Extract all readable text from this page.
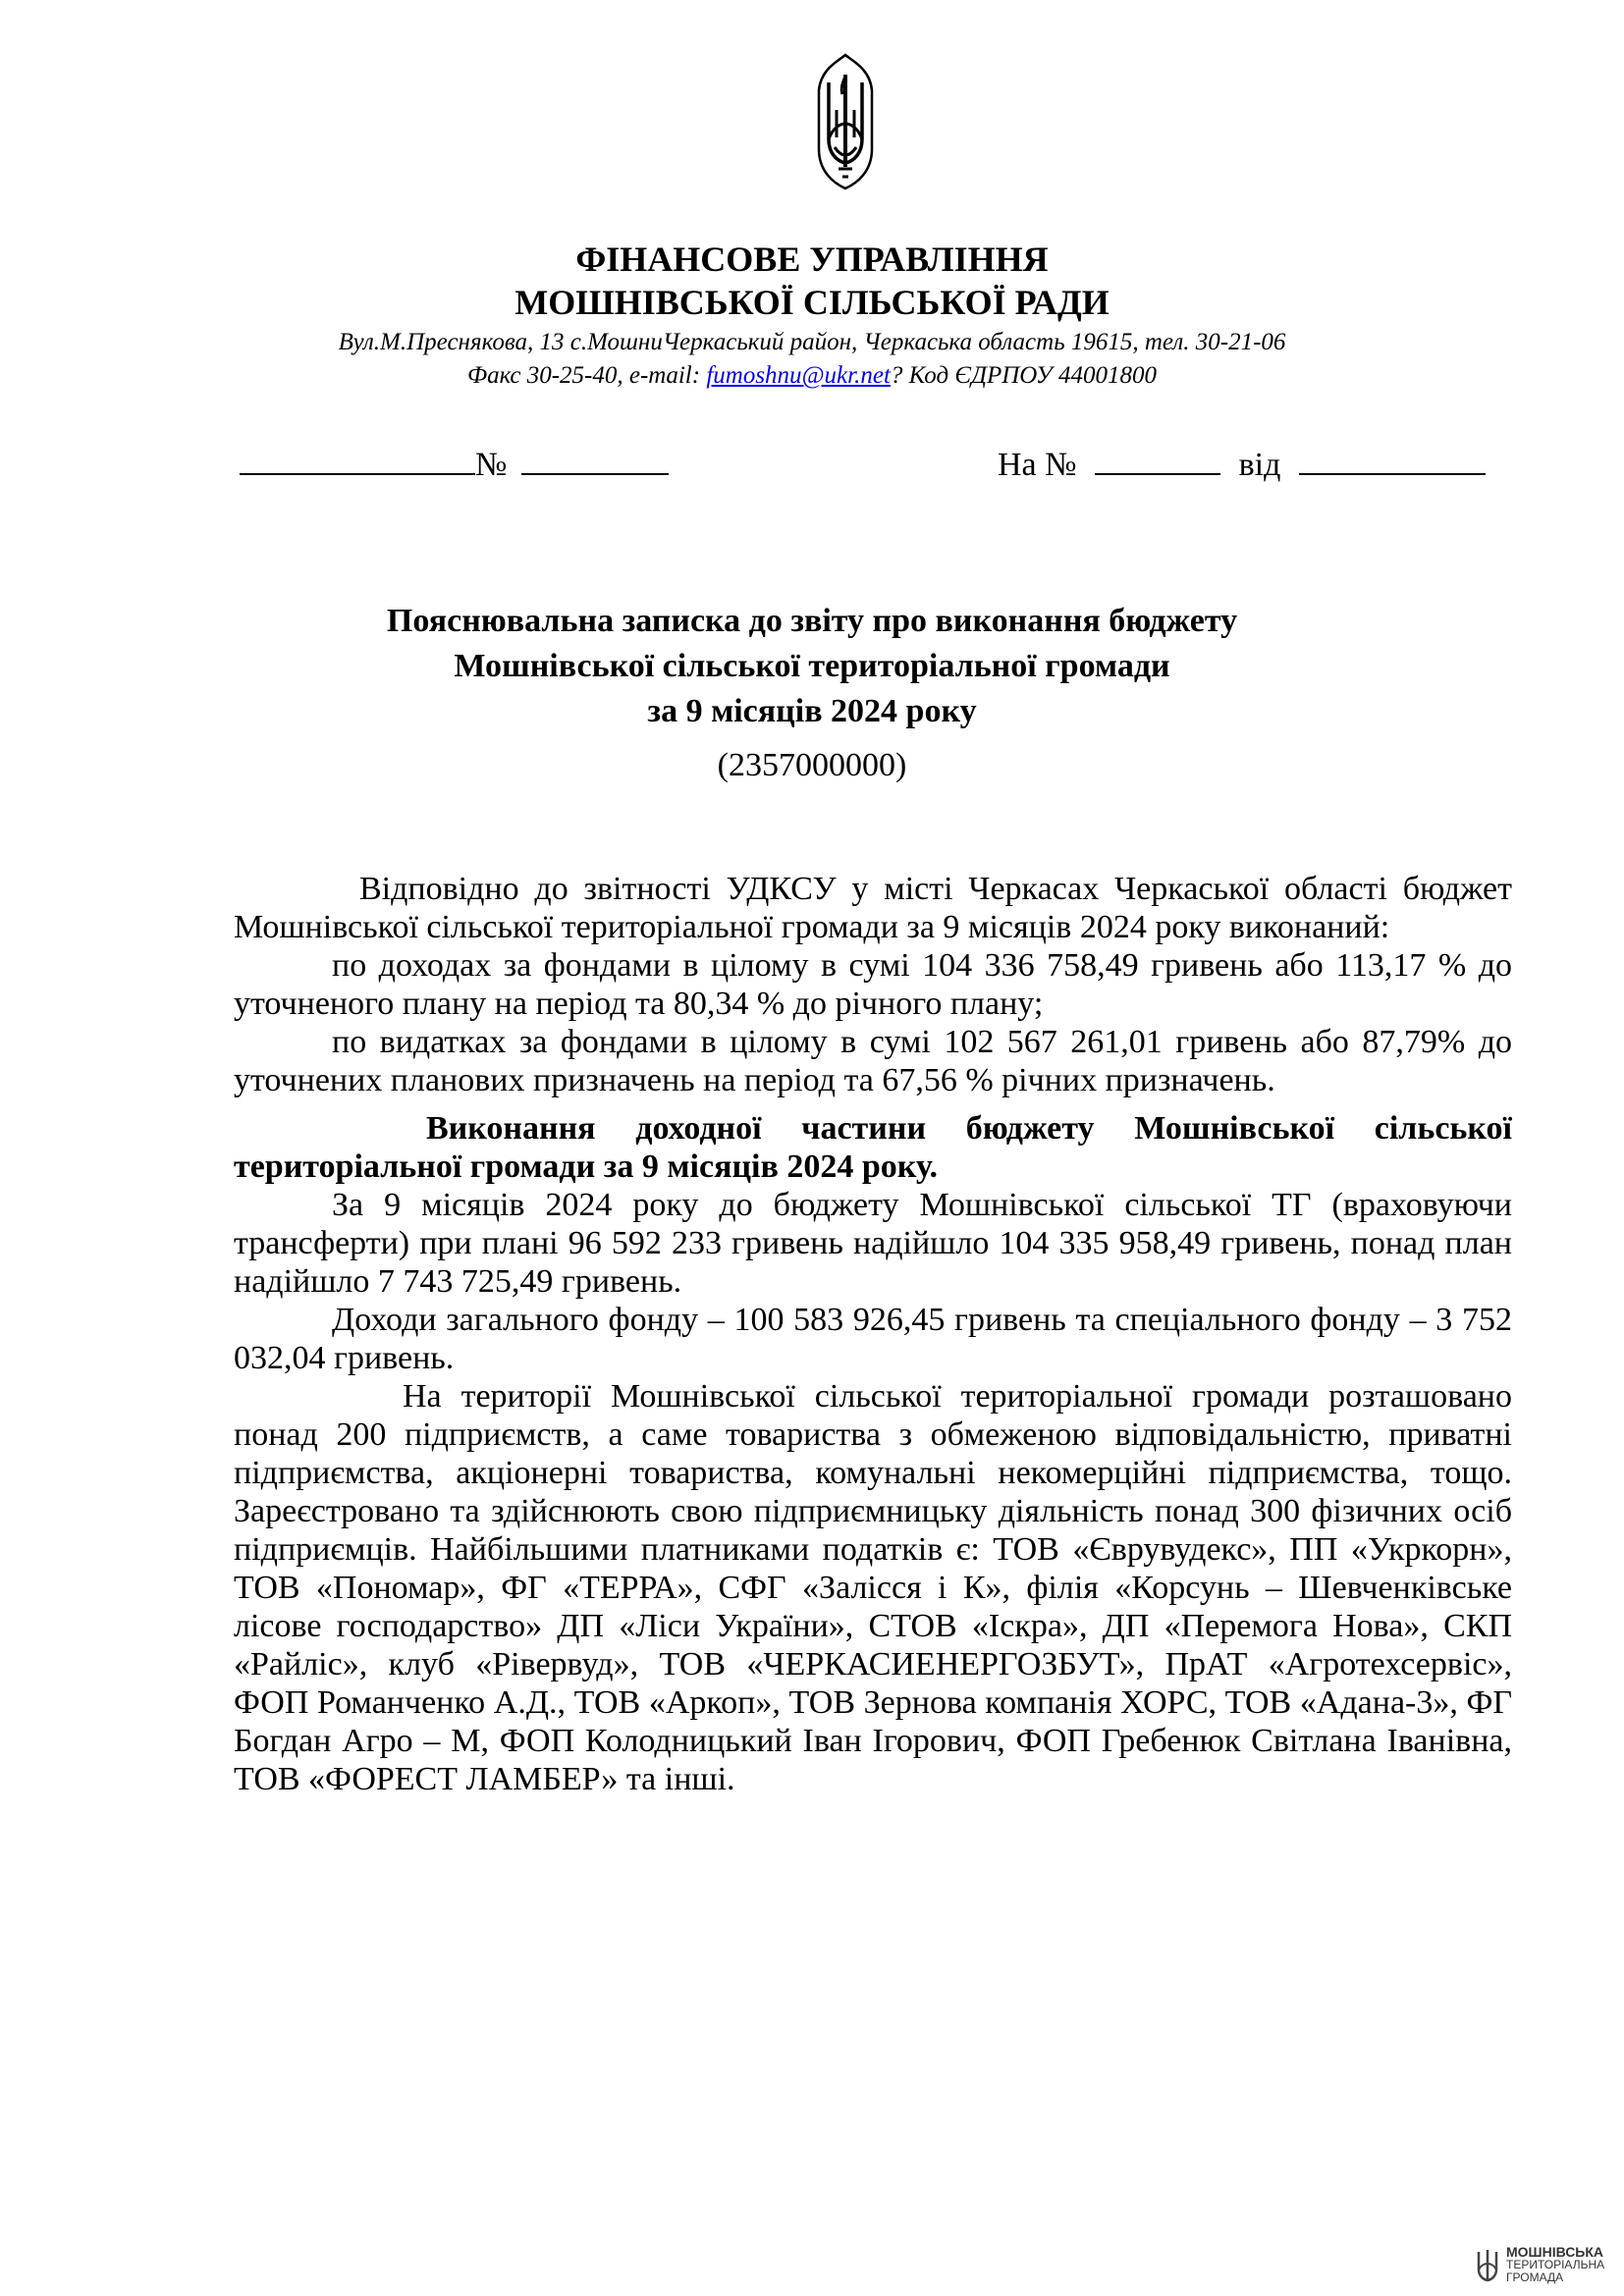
ФІНАНСОВЕ УПРАВЛІННЯ

МОШНІВСЬКОЇ СІЛЬСЬКОЇ РАДИ

Вул.М.Преснякова, 13 с.МошниЧеркаський район, Черкаська область 19615, тел. 30-21-06

Факс 30-25-40, e-mail: fumoshnu@ukr.net? Код ЄДРПОУ 44001800

№	На №	від

Пояснювальна записка до звіту про виконання бюджету

Мошнівської сільської територіальної громади

за 9 місяців 2024 року

(2357000000)

Відповідно до звітності УДКСУ у місті Черкасах Черкаської області бюджет Мошнівської сільської територіальної громади за 9 місяців 2024 року виконаний:

по доходах за фондами в цілому в сумі 104 336 758,49 гривень або 113,17 % до уточненого плану на період та 80,34 % до річного плану;

по видатках за фондами в цілому в сумі 102 567 261,01 гривень або 87,79% до уточнених планових призначень на період та 67,56 % річних призначень.

Виконання доходної частини бюджету Мошнівської сільської територіальної громади за 9 місяців 2024 року.

За 9 місяців 2024 року до бюджету Мошнівської сільської ТГ (враховуючи трансферти) при плані 96 592 233 гривень надійшло 104 335 958,49 гривень, понад план надійшло 7 743 725,49 гривень.

Доходи загального фонду – 100 583 926,45 гривень та спеціального фонду – 3 752 032,04 гривень.

На території Мошнівської сільської територіальної громади розташовано понад 200 підприємств, а саме товариства з обмеженою відповідальністю, приватні підприємства, акціонерні товариства, комунальні некомерційні підприємства, тощо. Зареєстровано та здійснюють свою підприємницьку діяльність понад 300 фізичних осіб підприємців. Найбільшими платниками податків є: ТОВ «Єврувудекс», ПП «Укркорн», ТОВ «Пономар», ФГ «ТЕРРА», СФГ «Залісся і К», філія «Корсунь – Шевченківське лісове господарство» ДП «Ліси України», СТОВ «Іскра», ДП «Перемога Нова», СКП «Райліс», клуб «Рівервуд», ТОВ «ЧЕРКАСИЕНЕРГОЗБУТ», ПрАТ «Агротехсервіс», ФОП Романченко А.Д., ТОВ «Аркоп», ТОВ Зернова компанія ХОРС, ТОВ «Адана-3», ФГ Богдан Агро – М, ФОП Колодницький Іван Ігорович, ФОП Гребенюк Світлана Іванівна, ТОВ «ФОРЕСТ ЛАМБЕР» та інші.

МОШНІВСЬКА
ТЕРИТОРІАЛЬНА
ГРОМАДА
